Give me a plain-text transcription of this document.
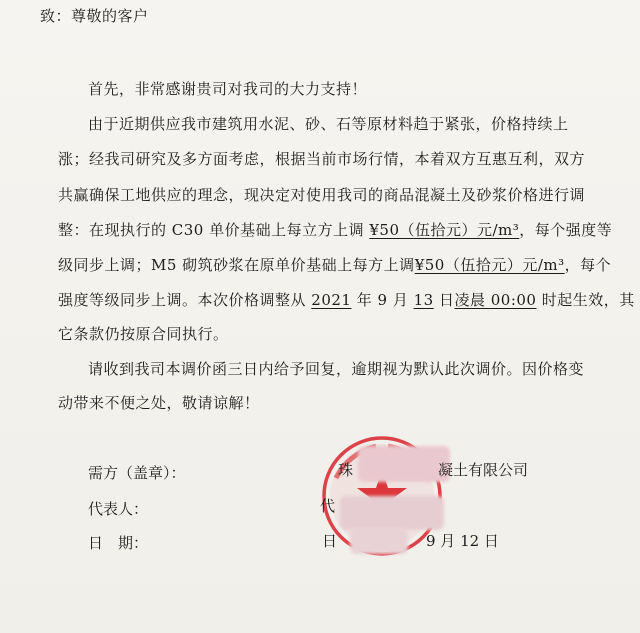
致：尊敬的客户
首先，非常感谢贵司对我司的大力支持！
由于近期供应我市建筑用水泥、砂、石等原材料趋于紧张，价格持续上
涨；经我司研究及多方面考虑，根据当前市场行情，本着双方互惠互利，双方
共赢确保工地供应的理念，现决定对使用我司的商品混凝土及砂浆价格进行调
整：在现执行的 C30 单价基础上每立方上调 ¥50（伍拾元）元/m³，每个强度等
级同步上调；M5 砌筑砂浆在原单价基础上每方上调¥50（伍拾元）元/m³，每个
强度等级同步上调。本次价格调整从 2021 年 9 月 13 日凌晨 00:00 时起生效，其
它条款仍按原合同执行。
请收到我司本调价函三日内给予回复，逾期视为默认此次调价。因价格变
动带来不便之处，敬请谅解！
需方（盖章）：
代表人：
日　期：
珠	凝土有限公司
代
日	9 月 12 日
